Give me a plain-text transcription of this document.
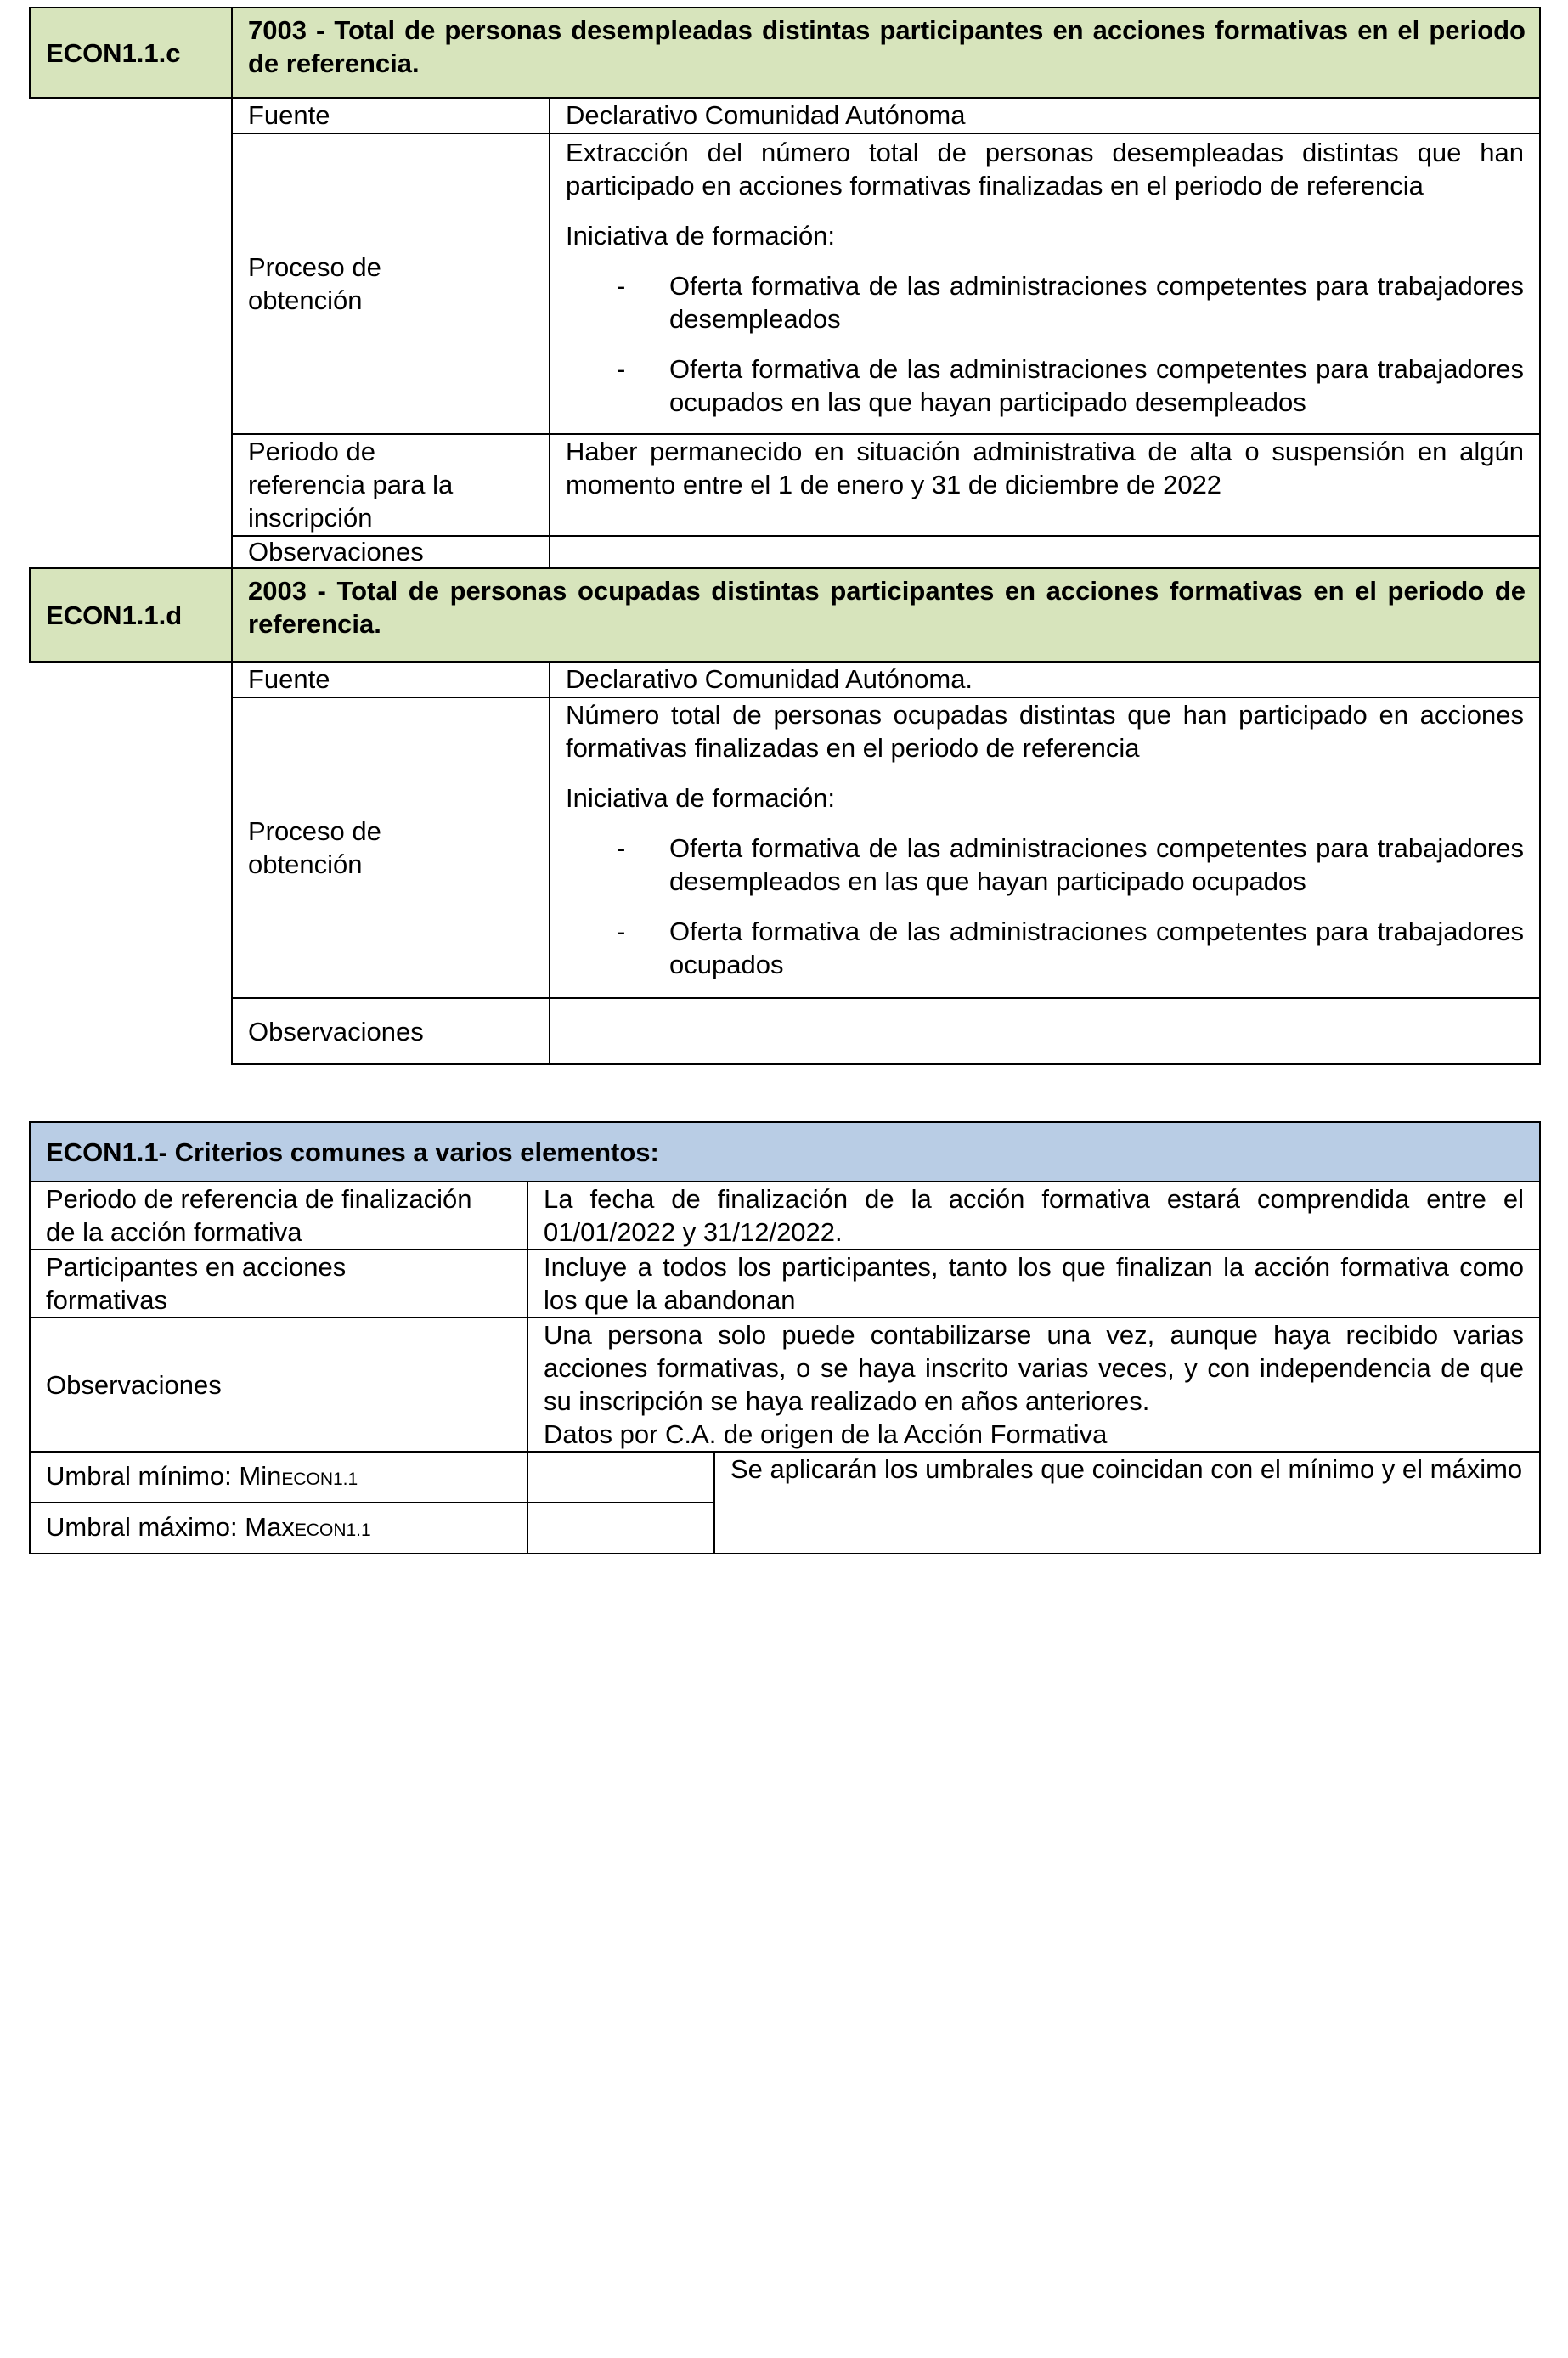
ECON1.1.c
7003 - Total de personas desempleadas distintas participantes en acciones formativas en el periodo de referencia.
Fuente	Declarativo Comunidad Autónoma
Proceso de obtención

Extracción del número total de personas desempleadas distintas que han participado en acciones formativas finalizadas en el periodo de referencia

Iniciativa de formación:

- Oferta formativa de las administraciones competentes para trabajadores desempleados

- Oferta formativa de las administraciones competentes para trabajadores ocupados en las que hayan participado desempleados

Periodo de referencia para la inscripción

Haber permanecido en situación administrativa de alta o suspensión en algún momento entre el 1 de enero y 31 de diciembre de 2022

Observaciones
ECON1.1.d
2003 - Total de personas ocupadas distintas participantes en acciones formativas en el periodo de referencia.
Fuente	Declarativo Comunidad Autónoma.
Proceso de obtención

Número total de personas ocupadas distintas que han participado en acciones formativas finalizadas en el periodo de referencia

Iniciativa de formación:

- Oferta formativa de las administraciones competentes para trabajadores desempleados en las que hayan participado ocupados

- Oferta formativa de las administraciones competentes para trabajadores ocupados

Observaciones
ECON1.1 - Criterios comunes a varios elementos:
Periodo de referencia de finalización de la acción formativa

La fecha de finalización de la acción formativa estará comprendida entre el 01/01/2022 y 31/12/2022.

Participantes en acciones formativas

Incluye a todos los participantes, tanto los que finalizan la acción formativa como los que la abandonan

Observaciones

Una persona solo puede contabilizarse una vez, aunque haya recibido varias acciones formativas, o se haya inscrito varias veces, y con independencia de que su inscripción se haya realizado en años anteriores.

Datos por C.A. de origen de la Acción Formativa

Umbral mínimo: MinECON1.1
Umbral máximo: MaxECON1.1

Se aplicarán los umbrales que coincidan con el mínimo y el máximo
